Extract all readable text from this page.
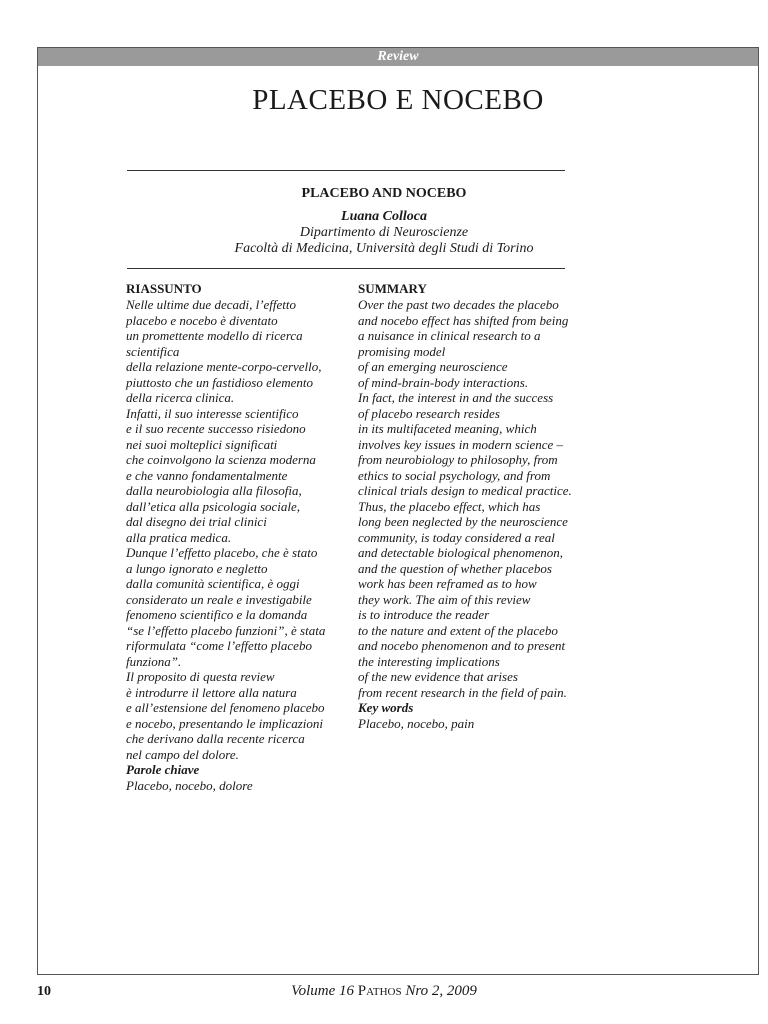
Review
PLACEBO E NOCEBO
PLACEBO AND NOCEBO
Luana Colloca
Dipartimento di Neuroscienze
Facoltà di Medicina, Università degli Studi di Torino
RIASSUNTO
Nelle ultime due decadi, l’effetto
placebo e nocebo è diventato
un promettente modello di ricerca
scientifica
della relazione mente-corpo-cervello,
piuttosto che un fastidioso elemento
della ricerca clinica.
Infatti, il suo interesse scientifico
e il suo recente successo risiedono
nei suoi molteplici significati
che coinvolgono la scienza moderna
e che vanno fondamentalmente
dalla neurobiologia alla filosofia,
dall’etica alla psicologia sociale,
dal disegno dei trial clinici
alla pratica medica.
Dunque l’effetto placebo, che è stato
a lungo ignorato e negletto
dalla comunità scientifica, è oggi
considerato un reale e investigabile
fenomeno scientifico e la domanda
“se l’effetto placebo funzioni”, è stata
riformulata “come l’effetto placebo
funziona”.
Il proposito di questa review
è introdurre il lettore alla natura
e all’estensione del fenomeno placebo
e nocebo, presentando le implicazioni
che derivano dalla recente ricerca
nel campo del dolore.
Parole chiave
Placebo, nocebo, dolore
SUMMARY
Over the past two decades the placebo
and nocebo effect has shifted from being
a nuisance in clinical research to a
promising model
of an emerging neuroscience
of mind-brain-body interactions.
In fact, the interest in and the success
of placebo research resides
in its multifaceted meaning, which
involves key issues in modern science –
from neurobiology to philosophy, from
ethics to social psychology, and from
clinical trials design to medical practice.
Thus, the placebo effect, which has
long been neglected by the neuroscience
community, is today considered a real
and detectable biological phenomenon,
and the question of whether placebos
work has been reframed as to how
they work. The aim of this review
is to introduce the reader
to the nature and extent of the placebo
and nocebo phenomenon and to present
the interesting implications
of the new evidence that arises
from recent research in the field of pain.
Key words
Placebo, nocebo, pain
10	Volume 16 Pathos Nro 2, 2009
